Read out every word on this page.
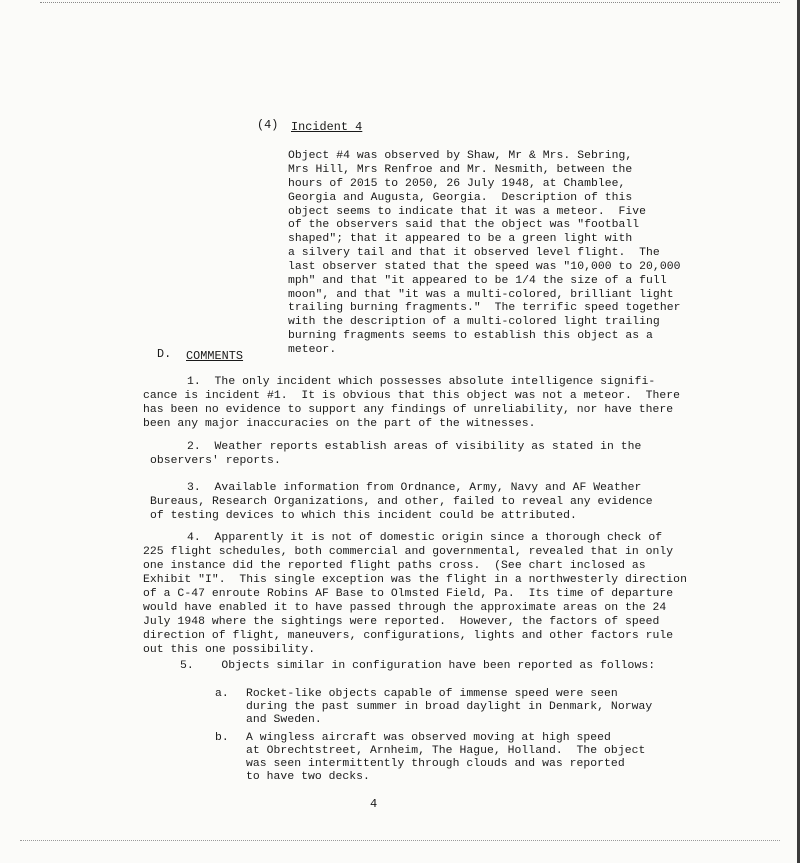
(4) Incident 4
Object #4 was observed by Shaw, Mr & Mrs. Sebring,
Mrs Hill, Mrs Renfroe and Mr. Nesmith, between the
hours of 2015 to 2050, 26 July 1948, at Chamblee,
Georgia and Augusta, Georgia.  Description of this
object seems to indicate that it was a meteor.  Five
of the observers said that the object was "football
shaped"; that it appeared to be a green light with
a silvery tail and that it observed level flight.  The
last observer stated that the speed was "10,000 to 20,000
mph" and that "it appeared to be 1/4 the size of a full
moon", and that "it was a multi-colored, brilliant light
trailing burning fragments."  The terrific speed together
with the description of a multi-colored light trailing
burning fragments seems to establish this object as a
meteor.
D. COMMENTS
1.  The only incident which possesses absolute intelligence signifi-
cance is incident #1.  It is obvious that this object was not a meteor.  There
has been no evidence to support any findings of unreliability, nor have there
been any major inaccuracies on the part of the witnesses.
2.  Weather reports establish areas of visibility as stated in the
observers' reports.
3.  Available information from Ordnance, Army, Navy and AF Weather
Bureaus, Research Organizations, and other, failed to reveal any evidence
of testing devices to which this incident could be attributed.
4.  Apparently it is not of domestic origin since a thorough check of
225 flight schedules, both commercial and governmental, revealed that in only
one instance did the reported flight paths cross.  (See chart inclosed as
Exhibit "I".  This single exception was the flight in a northwesterly direction
of a C-47 enroute Robins AF Base to Olmsted Field, Pa.  Its time of departure
would have enabled it to have passed through the approximate areas on the 24
July 1948 where the sightings were reported.  However, the factors of speed
direction of flight, maneuvers, configurations, lights and other factors rule
out this one possibility.
5.    Objects similar in configuration have been reported as follows:
a. Rocket-like objects capable of immense speed were seen
during the past summer in broad daylight in Denmark, Norway
and Sweden.
b. A wingless aircraft was observed moving at high speed
at Obrechtstreet, Arnheim, The Hague, Holland.  The object
was seen intermittently through clouds and was reported
to have two decks.
4
